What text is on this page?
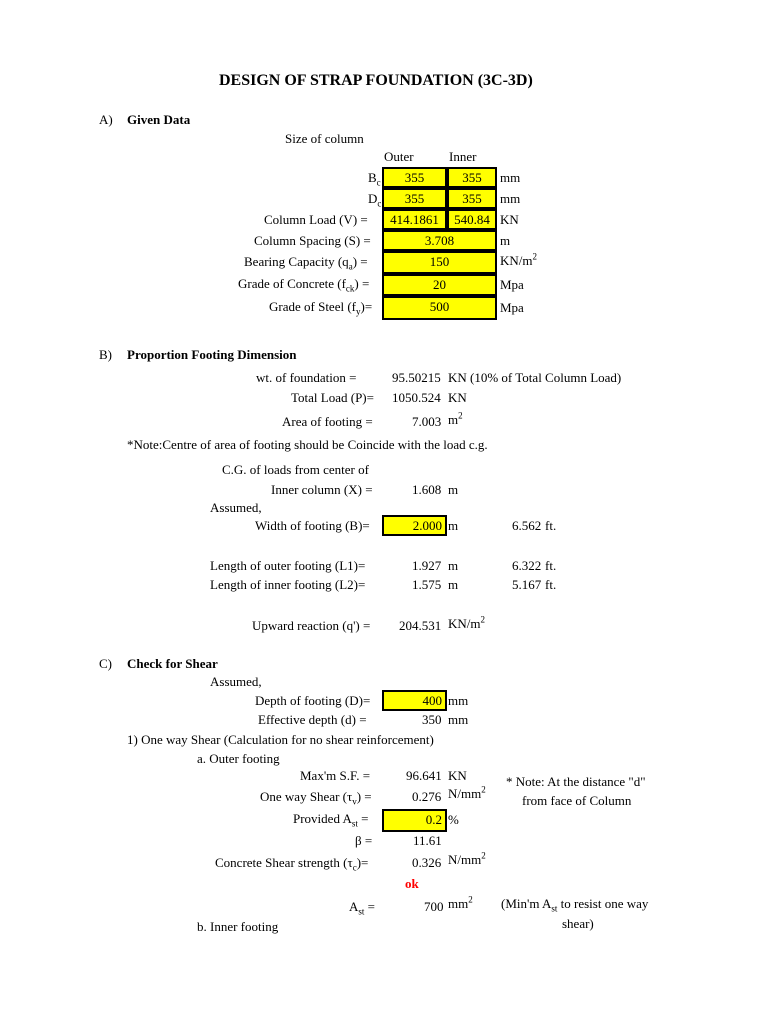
DESIGN OF STRAP FOUNDATION (3C-3D)
A) Given Data
Size of column
Outer	Inner
$B_c$	355	355	mm
$D_c$	355	355	mm
Column Load (V) =	414.1861	540.84 KN
Column Spacing (S) =	3.708	m
Bearing Capacity $(q_a)$ =	150	$KN/m^2$
Grade of Concrete $(f_{ck})$ =	20	Mpa
Grade of Steel $(f_y)=$	500	Mpa
B) Proportion Footing Dimension
wt. of foundation =	95.50215 KN (10% of Total Column Load)
Total Load (P)= 1050.524 KN
Area of footing =	7.003 $m^2$
*Note:Centre of area of footing should be Coincide with the load c.g.
C.G. of loads from center of
Inner column (X) =	1.608 m
Assumed,
Width of footing (B)=	2.000 m	6.562 ft.
Length of outer footing (L1)=	1.927 m	6.322 ft.
Length of inner footing (L2)=	1.575 m	5.167 ft.
Upward reaction (q') = 204.531 $KN/m^2$
C) Check for Shear
Assumed,
Depth of footing (D)=	400 mm
Effective depth (d) =	350 mm
1) One way Shear (Calculation for no shear reinforcement)
a. Outer footing
Max'm S.F. =	96.641 KN
One way Shear $(\tau_v)$ =	0.276 $N/mm^2$
* Note: At the distance "d"
from face of Column
Provided $A_{st}$ =	0.2 %
β =	11.61
Concrete Shear strength $(\tau_c)=$	0.326 $N/mm^2$
ok
$A_{st}$ =	700 $mm^2$ (Min'm $A_{st}$ to resist one way
shear)
b. Inner footing
